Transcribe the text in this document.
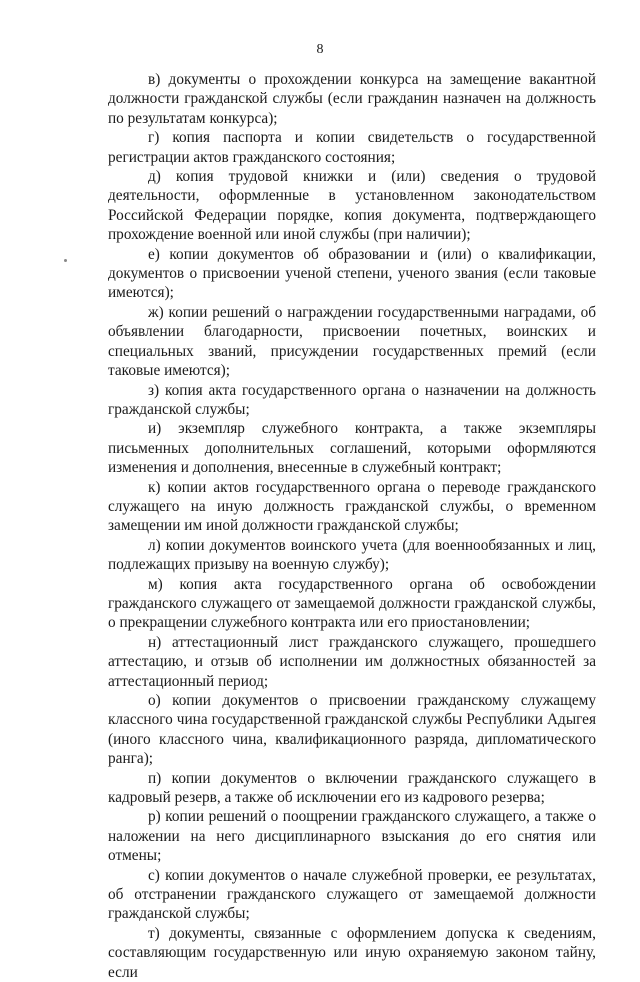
8

в) документы о прохождении конкурса на замещение вакантной должности гражданской службы (если гражданин назначен на должность по результатам конкурса);

г) копия паспорта и копии свидетельств о государственной регистрации актов гражданского состояния;

д) копия трудовой книжки и (или) сведения о трудовой деятельности, оформленные в установленном законодательством Российской Федерации порядке, копия документа, подтверждающего прохождение военной или иной службы (при наличии);

е) копии документов об образовании и (или) о квалификации, документов о присвоении ученой степени, ученого звания (если таковые имеются);

ж) копии решений о награждении государственными наградами, об объявлении благодарности, присвоении почетных, воинских и специальных званий, присуждении государственных премий (если таковые имеются);

з) копия акта государственного органа о назначении на должность гражданской службы;

и) экземпляр служебного контракта, а также экземпляры письменных дополнительных соглашений, которыми оформляются изменения и дополнения, внесенные в служебный контракт;

к) копии актов государственного органа о переводе гражданского служащего на иную должность гражданской службы, о временном замещении им иной должности гражданской службы;

л) копии документов воинского учета (для военнообязанных и лиц, подлежащих призыву на военную службу);

м) копия акта государственного органа об освобождении гражданского служащего от замещаемой должности гражданской службы, о прекращении служебного контракта или его приостановлении;

н) аттестационный лист гражданского служащего, прошедшего аттестацию, и отзыв об исполнении им должностных обязанностей за аттестационный период;

о) копии документов о присвоении гражданскому служащему классного чина государственной гражданской службы Республики Адыгея (иного классного чина, квалификационного разряда, дипломатического ранга);

п) копии документов о включении гражданского служащего в кадровый резерв, а также об исключении его из кадрового резерва;

р) копии решений о поощрении гражданского служащего, а также о наложении на него дисциплинарного взыскания до его снятия или отмены;

с) копии документов о начале служебной проверки, ее результатах, об отстранении гражданского служащего от замещаемой должности гражданской службы;

т) документы, связанные с оформлением допуска к сведениям, составляющим государственную или иную охраняемую законом тайну, если
